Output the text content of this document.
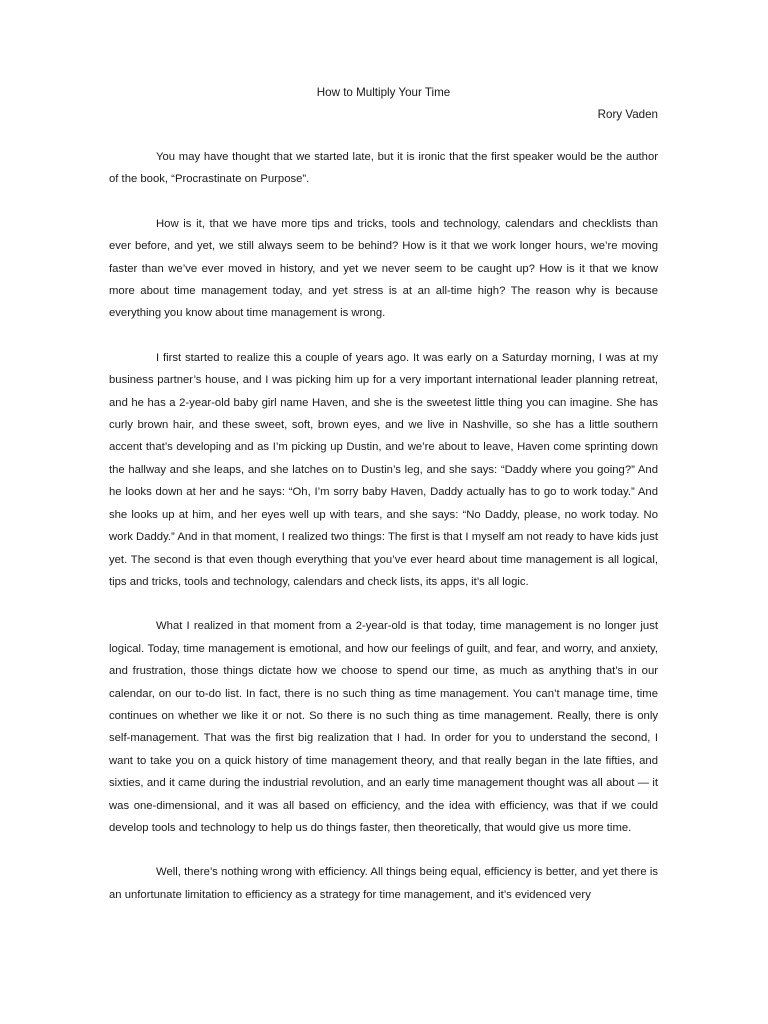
How to Multiply Your Time

Rory Vaden

You may have thought that we started late, but it is ironic that the first speaker would be the author of the book, “Procrastinate on Purpose”.

How is it, that we have more tips and tricks, tools and technology, calendars and checklists than ever before, and yet, we still always seem to be behind? How is it that we work longer hours, we’re moving faster than we’ve ever moved in history, and yet we never seem to be caught up? How is it that we know more about time management today, and yet stress is at an all-time high? The reason why is because everything you know about time management is wrong.

I first started to realize this a couple of years ago. It was early on a Saturday morning, I was at my business partner’s house, and I was picking him up for a very important international leader planning retreat, and he has a 2-year-old baby girl name Haven, and she is the sweetest little thing you can imagine. She has curly brown hair, and these sweet, soft, brown eyes, and we live in Nashville, so she has a little southern accent that’s developing and as I’m picking up Dustin, and we’re about to leave, Haven come sprinting down the hallway and she leaps, and she latches on to Dustin’s leg, and she says: “Daddy where you going?” And he looks down at her and he says: “Oh, I’m sorry baby Haven, Daddy actually has to go to work today.” And she looks up at him, and her eyes well up with tears, and she says: “No Daddy, please, no work today. No work Daddy.” And in that moment, I realized two things: The first is that I myself am not ready to have kids just yet. The second is that even though everything that you’ve ever heard about time management is all logical, tips and tricks, tools and technology, calendars and check lists, its apps, it’s all logic.

What I realized in that moment from a 2-year-old is that today, time management is no longer just logical. Today, time management is emotional, and how our feelings of guilt, and fear, and worry, and anxiety, and frustration, those things dictate how we choose to spend our time, as much as anything that’s in our calendar, on our to-do list. In fact, there is no such thing as time management. You can’t manage time, time continues on whether we like it or not. So there is no such thing as time management. Really, there is only self-management. That was the first big realization that I had. In order for you to understand the second, I want to take you on a quick history of time management theory, and that really began in the late fifties, and sixties, and it came during the industrial revolution, and an early time management thought was all about — it was one-dimensional, and it was all based on efficiency, and the idea with efficiency, was that if we could develop tools and technology to help us do things faster, then theoretically, that would give us more time.

Well, there’s nothing wrong with efficiency. All things being equal, efficiency is better, and yet there is an unfortunate limitation to efficiency as a strategy for time management, and it’s evidenced very
